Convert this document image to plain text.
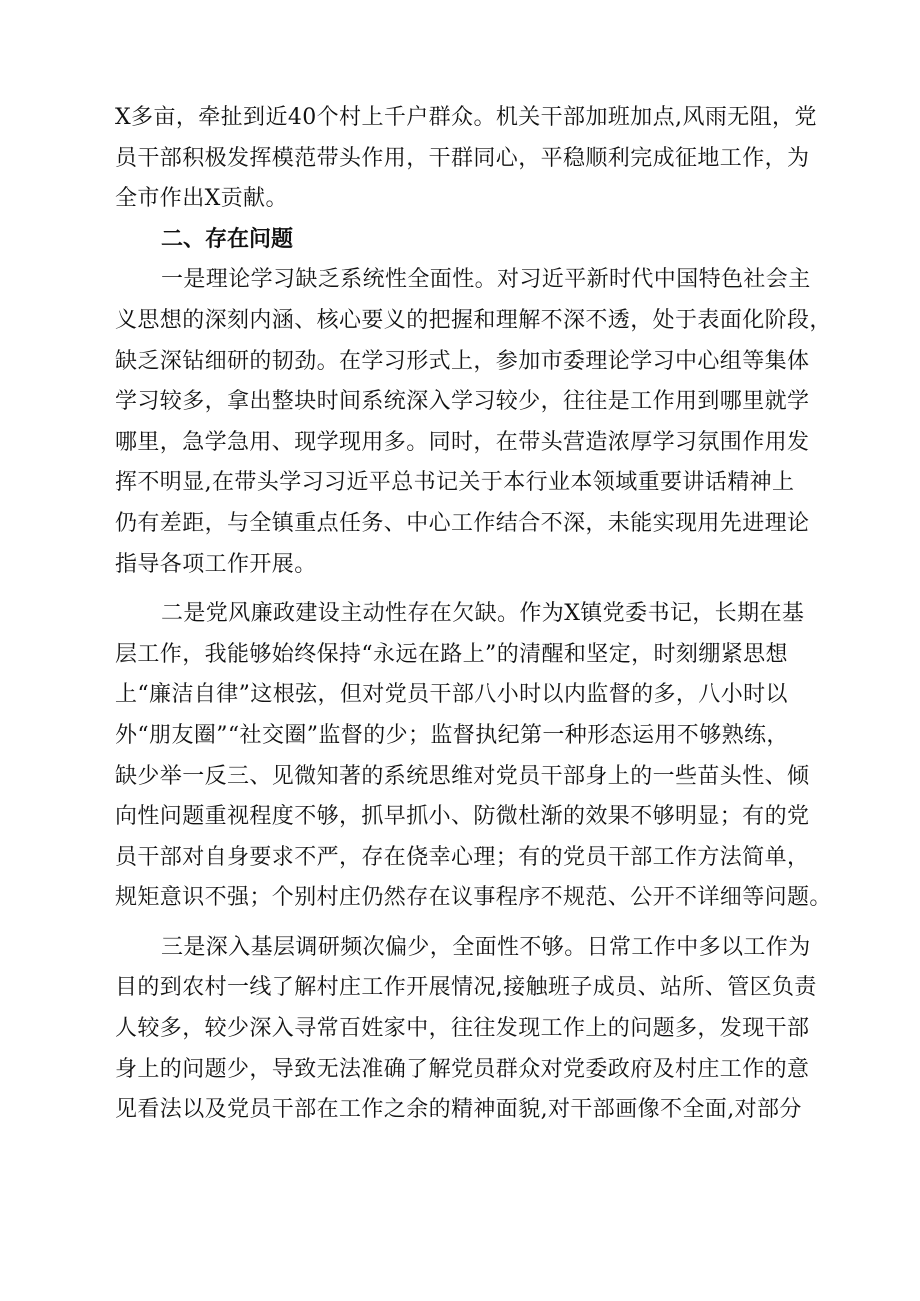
X多亩，牵扯到近40个村上千户群众。机关干部加班加点,风雨无阻，党
员干部积极发挥模范带头作用，干群同心，平稳顺利完成征地工作，为
全市作出X贡献。

二、存在问题

一是理论学习缺乏系统性全面性。对习近平新时代中国特色社会主
义思想的深刻内涵、核心要义的把握和理解不深不透，处于表面化阶段，
缺乏深钻细研的韧劲。在学习形式上，参加市委理论学习中心组等集体
学习较多，拿出整块时间系统深入学习较少，往往是工作用到哪里就学
哪里，急学急用、现学现用多。同时，在带头营造浓厚学习氛围作用发
挥不明显,在带头学习习近平总书记关于本行业本领域重要讲话精神上
仍有差距，与全镇重点任务、中心工作结合不深，未能实现用先进理论
指导各项工作开展。

二是党风廉政建设主动性存在欠缺。作为X镇党委书记，长期在基
层工作，我能够始终保持“永远在路上”的清醒和坚定，时刻绷紧思想
上“廉洁自律”这根弦，但对党员干部八小时以内监督的多，八小时以
外“朋友圈”“社交圈”监督的少；监督执纪第一种形态运用不够熟练，
缺少举一反三、见微知著的系统思维对党员干部身上的一些苗头性、倾
向性问题重视程度不够，抓早抓小、防微杜渐的效果不够明显；有的党
员干部对自身要求不严，存在侥幸心理；有的党员干部工作方法简单，
规矩意识不强；个别村庄仍然存在议事程序不规范、公开不详细等问题。

三是深入基层调研频次偏少，全面性不够。日常工作中多以工作为
目的到农村一线了解村庄工作开展情况,接触班子成员、站所、管区负责
人较多，较少深入寻常百姓家中，往往发现工作上的问题多，发现干部
身上的问题少，导致无法准确了解党员群众对党委政府及村庄工作的意
见看法以及党员干部在工作之余的精神面貌,对干部画像不全面,对部分
